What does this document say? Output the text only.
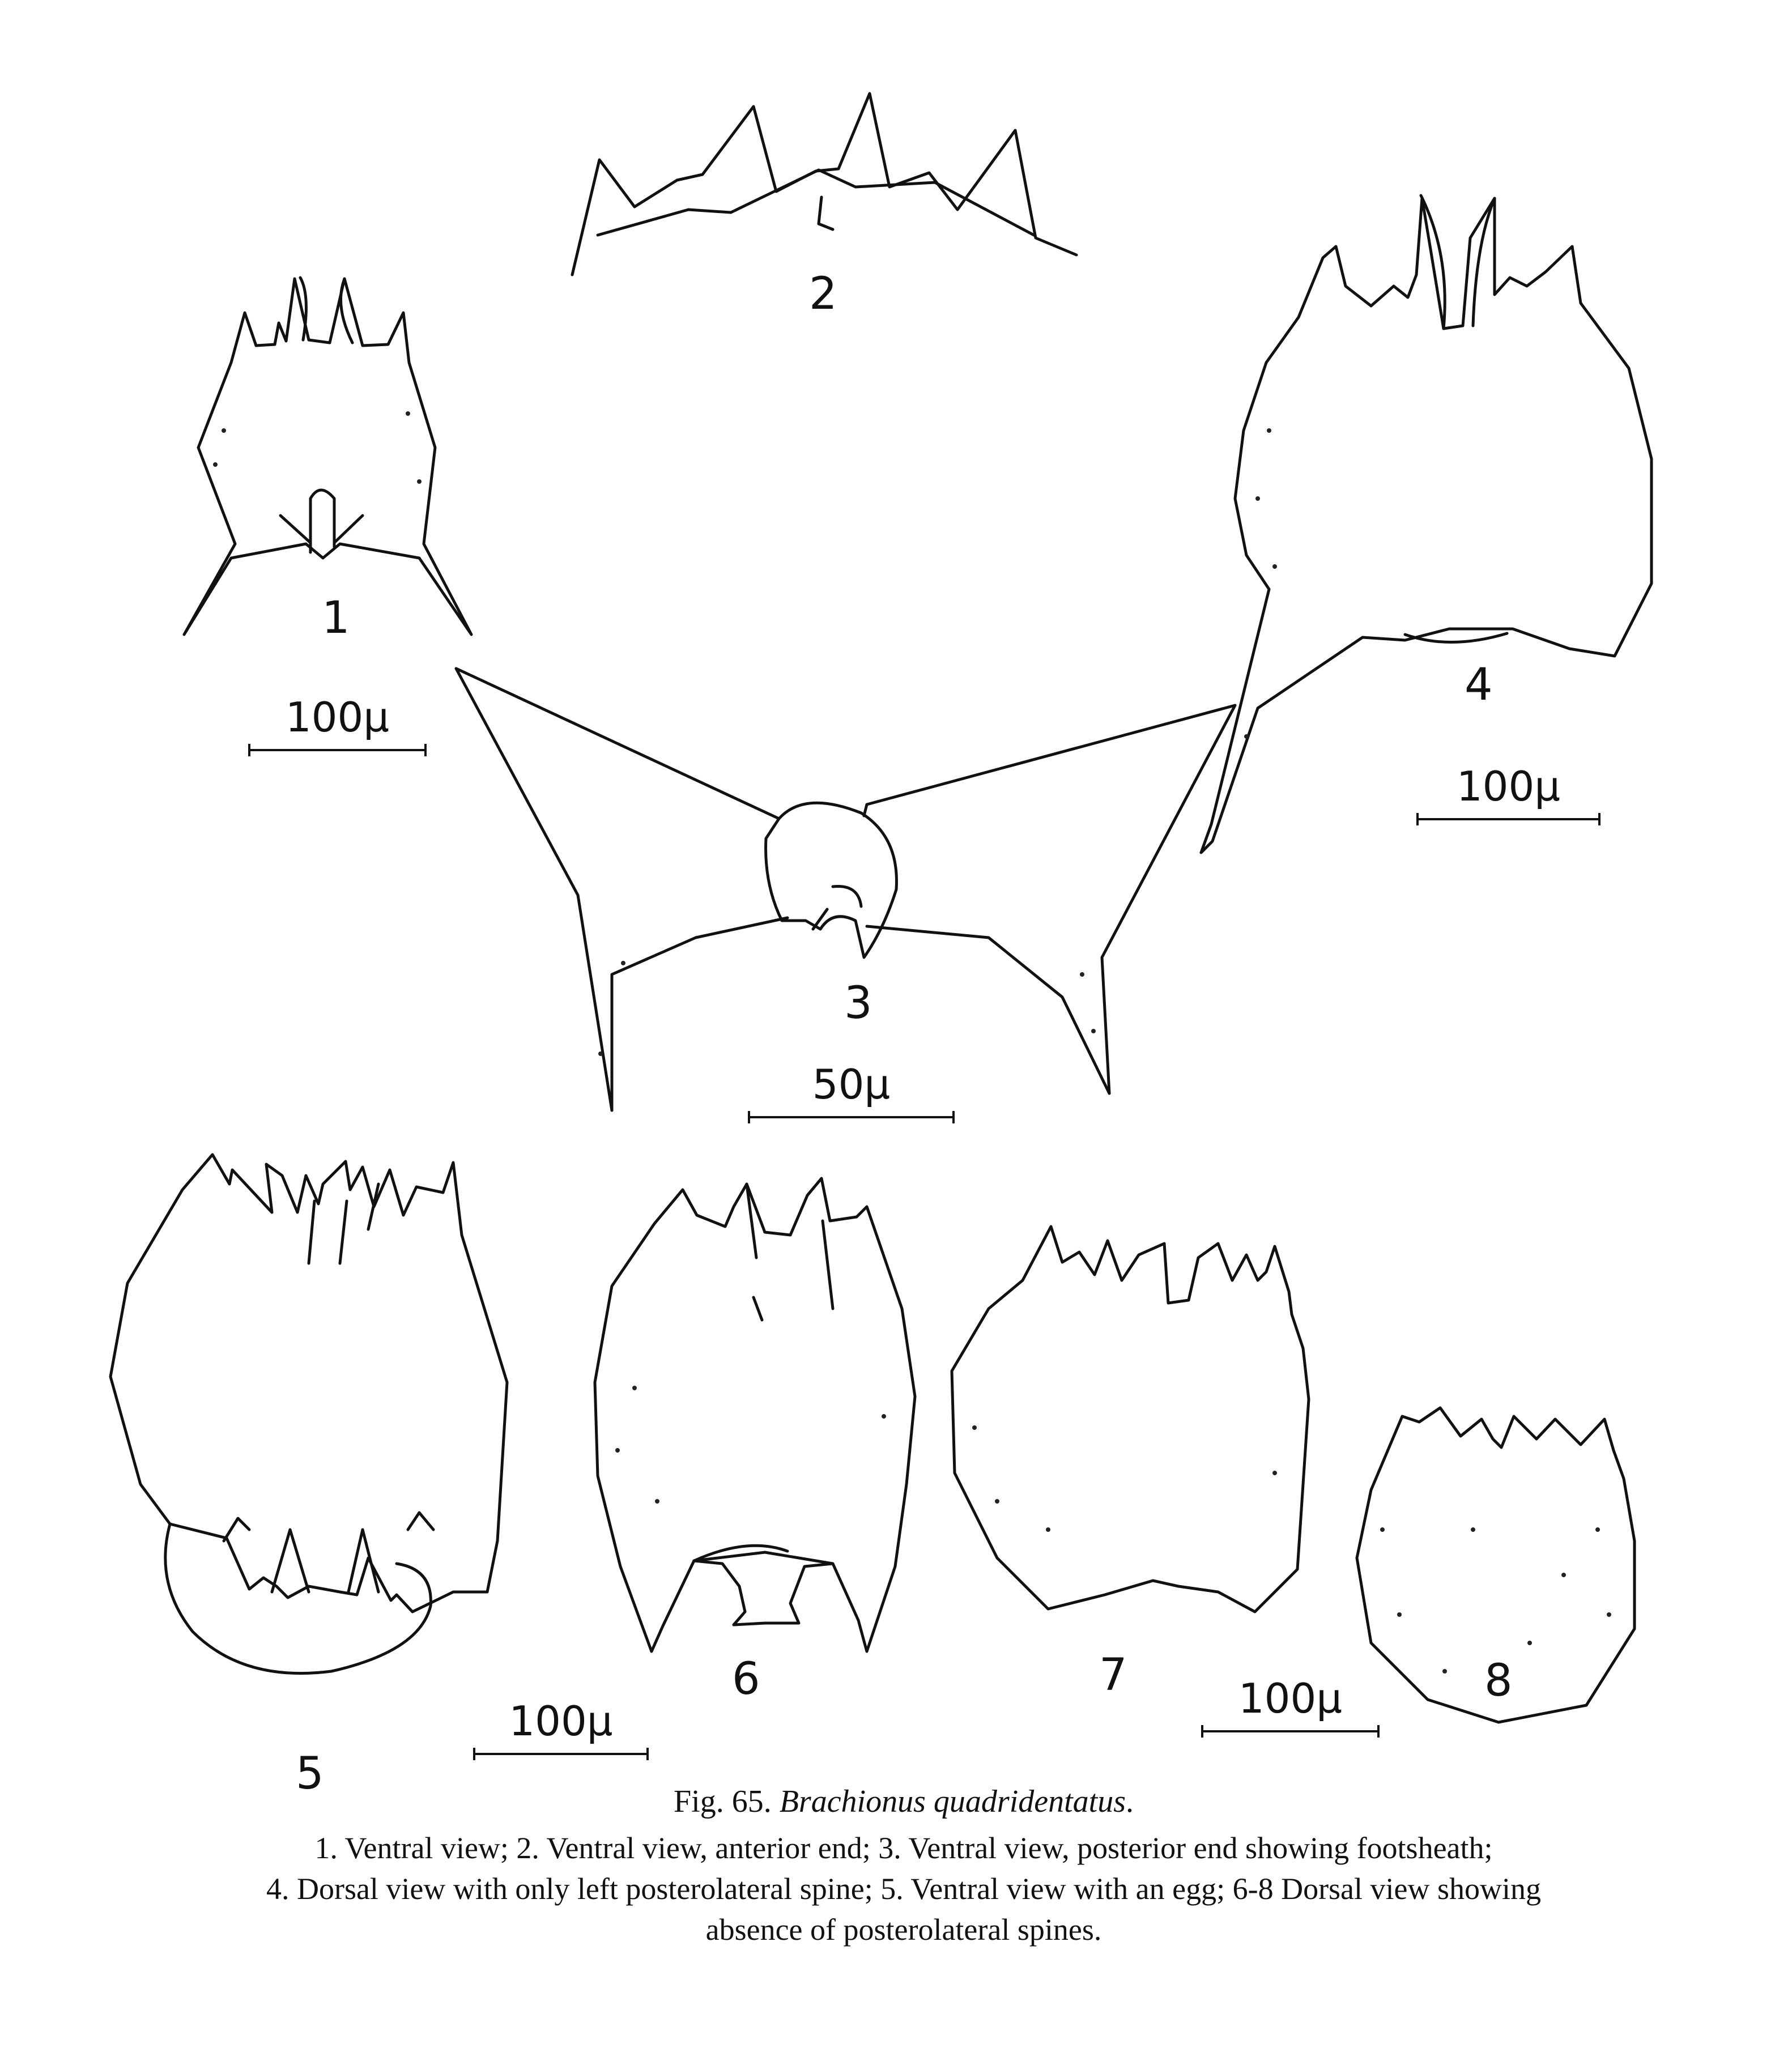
2
1
4
3
5
6	7	8
100µ
100µ
50µ
100µ	100µ
Fig. 65. Brachionus quadridentatus.
1. Ventral view; 2. Ventral view, anterior end; 3. Ventral view, posterior end showing footsheath;
4. Dorsal view with only left posterolateral spine; 5. Ventral view with an egg; 6-8 Dorsal view showing
absence of posterolateral spines.
